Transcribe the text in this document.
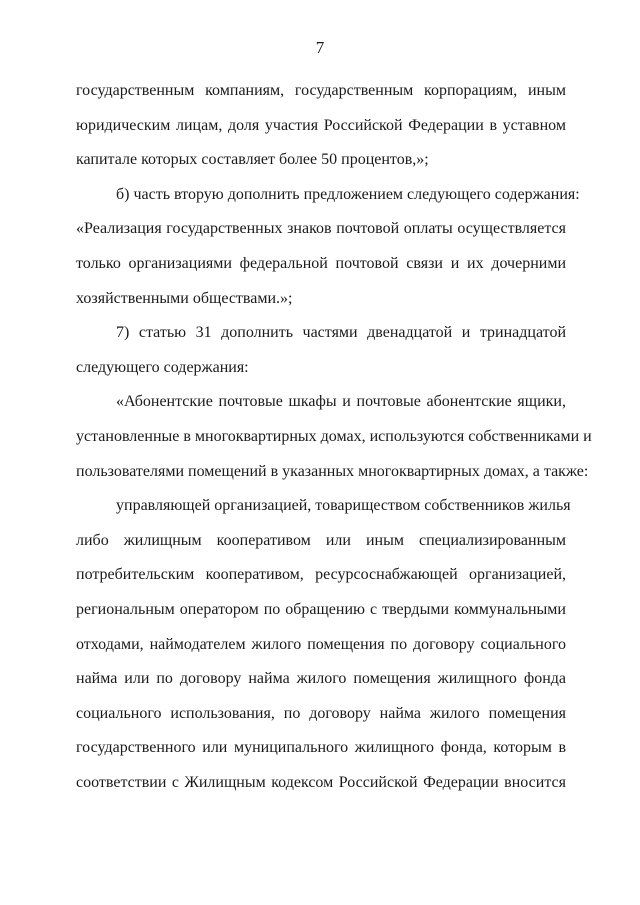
7
государственным компаниям, государственным корпорациям, иным
юридическим лицам, доля участия Российской Федерации в уставном
капитале которых составляет более 50 процентов,»;
б) часть вторую дополнить предложением следующего содержания:
«Реализация государственных знаков почтовой оплаты осуществляется
только организациями федеральной почтовой связи и их дочерними
хозяйственными обществами.»;
7) статью 31 дополнить частями двенадцатой и тринадцатой
следующего содержания:
«Абонентские почтовые шкафы и почтовые абонентские ящики,
установленные в многоквартирных домах, используются собственниками и
пользователями помещений в указанных многоквартирных домах, а также:
управляющей организацией, товариществом собственников жилья
либо жилищным кооперативом или иным специализированным
потребительским кооперативом, ресурсоснабжающей организацией,
региональным оператором по обращению с твердыми коммунальными
отходами, наймодателем жилого помещения по договору социального
найма или по договору найма жилого помещения жилищного фонда
социального использования, по договору найма жилого помещения
государственного или муниципального жилищного фонда, которым в
соответствии с Жилищным кодексом Российской Федерации вносится
